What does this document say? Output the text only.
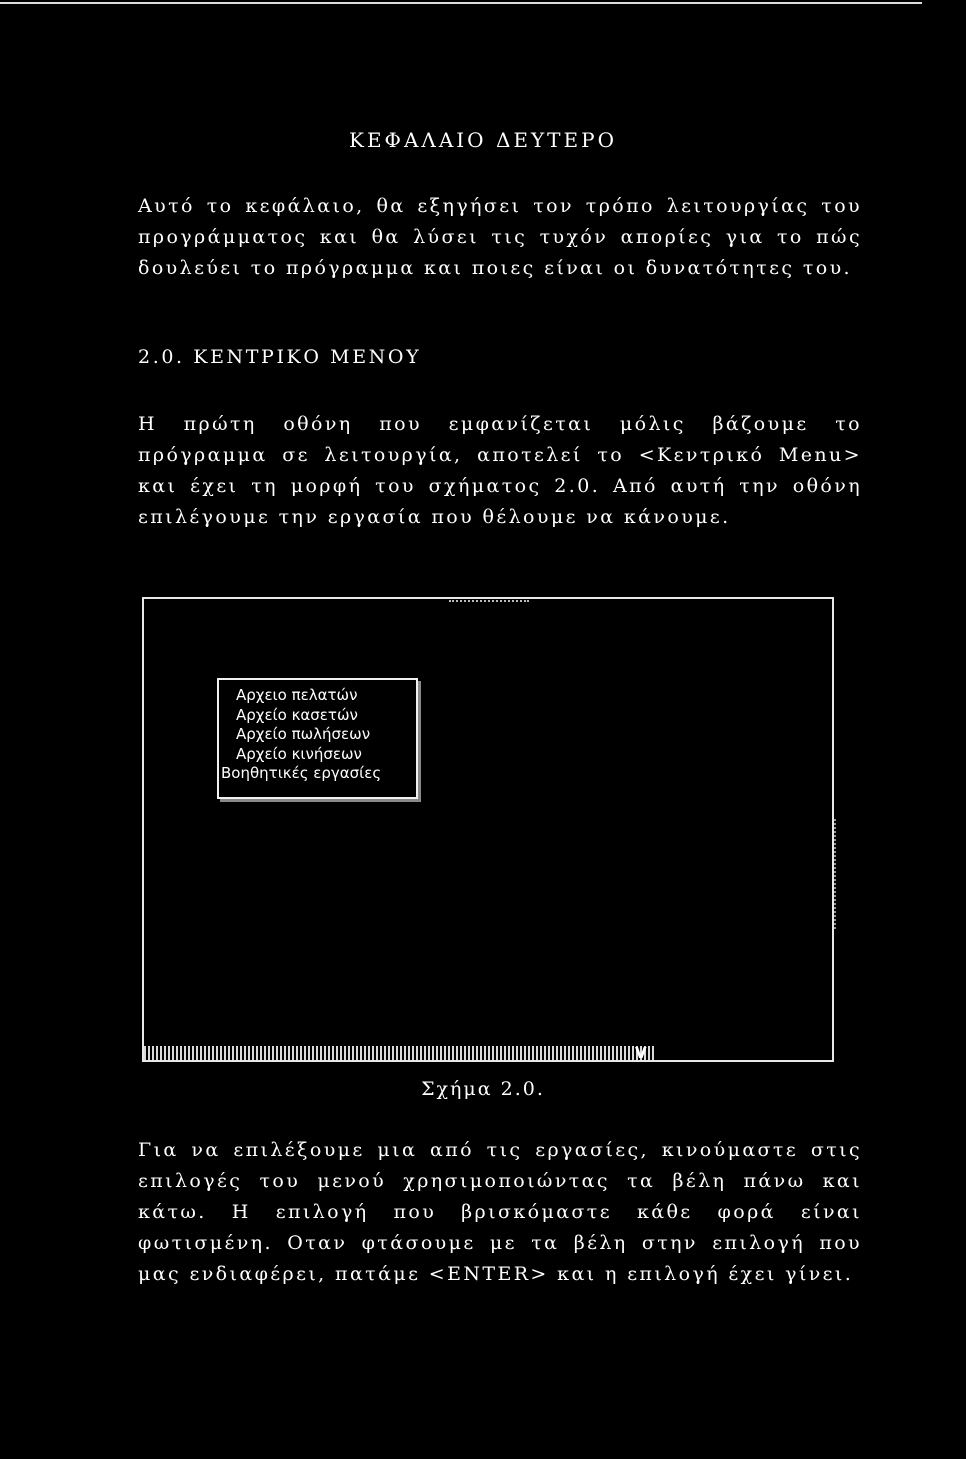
ΚΕΦΑΛΑΙΟ ΔΕΥΤΕΡΟ
Αυτό το κεφάλαιο, θα εξηγήσει τον τρόπο λειτουργίας του προγράμματος και θα λύσει τις τυχόν απορίες για το πώς δουλεύει το πρόγραμμα και ποιες είναι οι δυνατότητες του.
2.0. ΚΕΝΤΡΙΚΟ ΜΕΝΟΥ
Η πρώτη οθόνη που εμφανίζεται μόλις βάζουμε το πρόγραμμα σε λειτουργία, αποτελεί το <Κεντρικό Menu> και έχει τη μορφή του σχήματος 2.0. Από αυτή την οθόνη επιλέγουμε την εργασία που θέλουμε να κάνουμε.
Αρχειο πελατών
Αρχείο κασετών
Αρχείο πωλήσεων
Αρχείο κινήσεων
Βοηθητικές εργασίες
V
Σχήμα 2.0.
Για να επιλέξουμε μια από τις εργασίες, κινούμαστε στις επιλογές του μενού χρησιμοποιώντας τα βέλη πάνω και κάτω. Η επιλογή που βρισκόμαστε κάθε φορά είναι φωτισμένη. Οταν φτάσουμε με τα βέλη στην επιλογή που μας ενδιαφέρει, πατάμε <ENTER> και η επιλογή έχει γίνει.
